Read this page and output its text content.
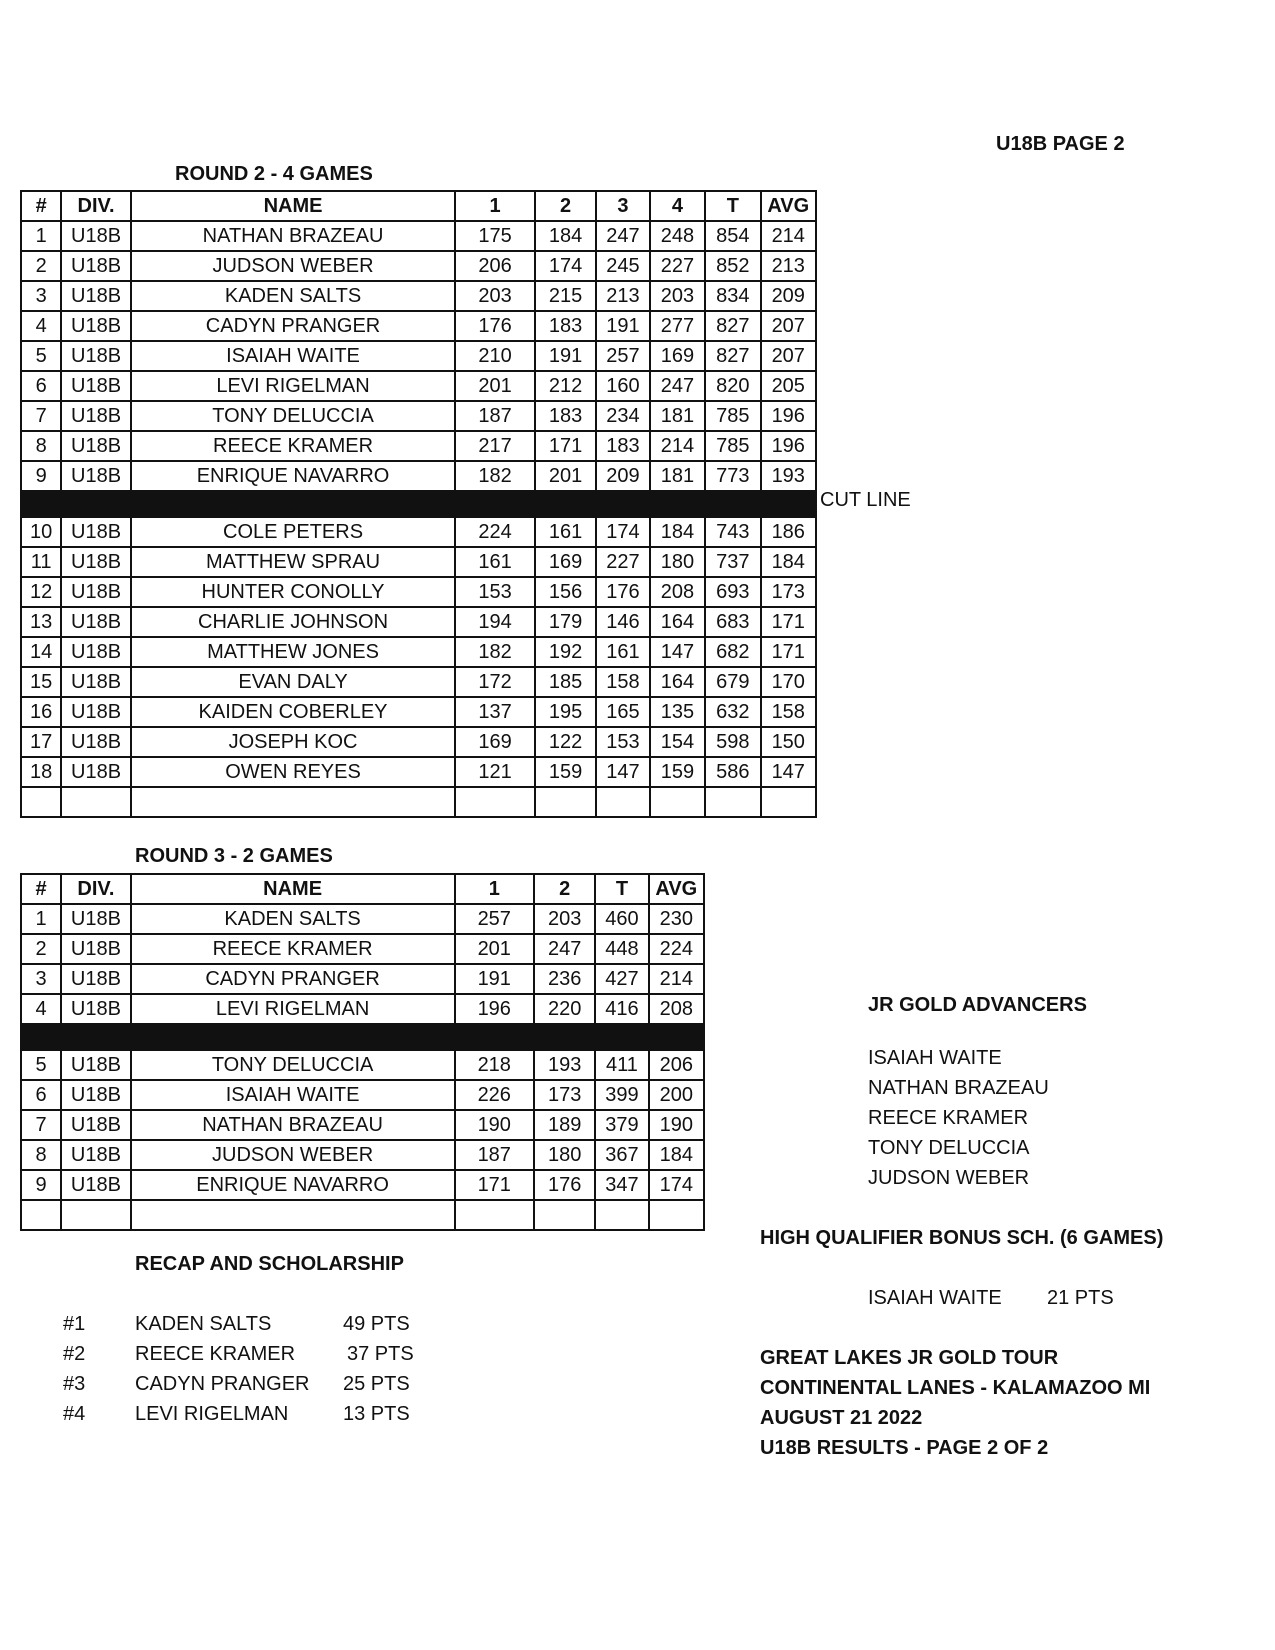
U18B PAGE 2
ROUND 2 - 4 GAMES
#	DIV.	NAME	1	2	3	4	T	AVG
1	U18B	NATHAN BRAZEAU	175	184	247	248	854	214
2	U18B	JUDSON WEBER	206	174	245	227	852	213
3	U18B	KADEN SALTS	203	215	213	203	834	209
4	U18B	CADYN PRANGER	176	183	191	277	827	207
5	U18B	ISAIAH WAITE	210	191	257	169	827	207
6	U18B	LEVI RIGELMAN	201	212	160	247	820	205
7	U18B	TONY DELUCCIA	187	183	234	181	785	196
8	U18B	REECE KRAMER	217	171	183	214	785	196
9	U18B	ENRIQUE NAVARRO	182	201	209	181	773	193

10	U18B	COLE PETERS	224	161	174	184	743	186
11	U18B	MATTHEW SPRAU	161	169	227	180	737	184
12	U18B	HUNTER CONOLLY	153	156	176	208	693	173
13	U18B	CHARLIE JOHNSON	194	179	146	164	683	171
14	U18B	MATTHEW JONES	182	192	161	147	682	171
15	U18B	EVAN DALY	172	185	158	164	679	170
16	U18B	KAIDEN COBERLEY	137	195	165	135	632	158
17	U18B	JOSEPH KOC	169	122	153	154	598	150
18	U18B	OWEN REYES	121	159	147	159	586	147

CUT LINE
ROUND 3 - 2 GAMES
#	DIV.	NAME	1	2	T	AVG
1	U18B	KADEN SALTS	257	203	460	230
2	U18B	REECE KRAMER	201	247	448	224
3	U18B	CADYN PRANGER	191	236	427	214
4	U18B	LEVI RIGELMAN	196	220	416	208

5	U18B	TONY DELUCCIA	218	193	411	206
6	U18B	ISAIAH WAITE	226	173	399	200
7	U18B	NATHAN BRAZEAU	190	189	379	190
8	U18B	JUDSON WEBER	187	180	367	184
9	U18B	ENRIQUE NAVARRO	171	176	347	174

RECAP AND SCHOLARSHIP
#1 KADEN SALTS	49 PTS
#2 REECE KRAMER	37 PTS
#3 CADYN PRANGER 25 PTS
#4 LEVI RIGELMAN	13 PTS
JR GOLD ADVANCERS
ISAIAH WAITE
NATHAN BRAZEAU
REECE KRAMER
TONY DELUCCIA
JUDSON WEBER
HIGH QUALIFIER BONUS SCH. (6 GAMES)
ISAIAH WAITE 21 PTS
GREAT LAKES JR GOLD TOUR
CONTINENTAL LANES - KALAMAZOO MI
AUGUST 21 2022
U18B RESULTS - PAGE 2 OF 2
